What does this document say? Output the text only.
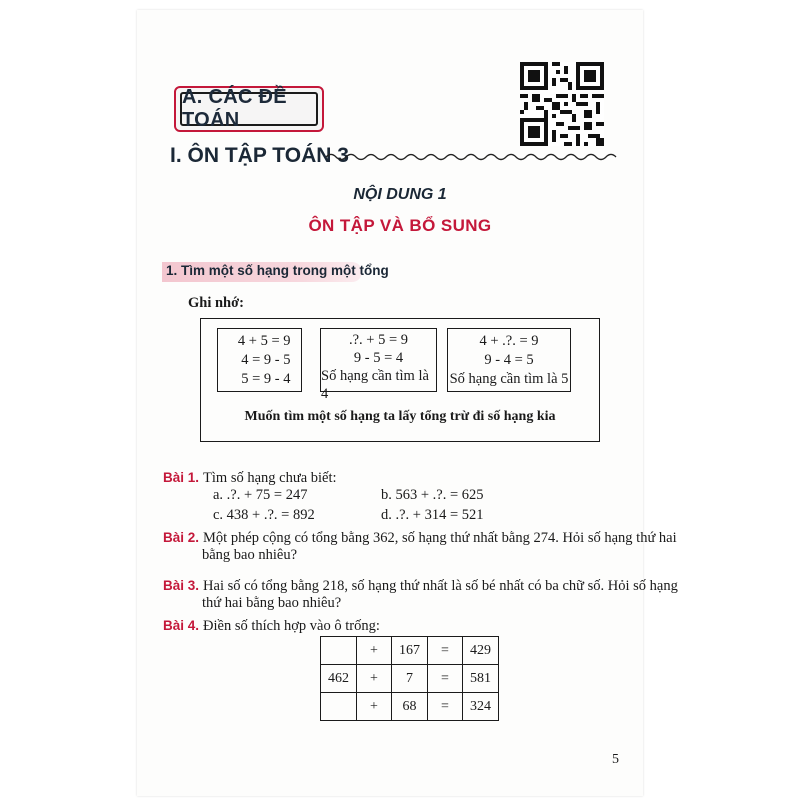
A. CÁC ĐỀ TOÁN
I. ÔN TẬP TOÁN 3
NỘI DUNG 1
ÔN TẬP VÀ BỔ SUNG
1. Tìm một số hạng trong một tổng
Ghi nhớ:
4 + 5 = 9
4 = 9 - 5
5 = 9 - 4
.?. + 5 = 9
9 - 5 = 4
Số hạng cần tìm là 4
4 + .?. = 9
9 - 4 = 5
Số hạng cần tìm là 5
Muốn tìm một số hạng ta lấy tổng trừ đi số hạng kia
Bài 1. Tìm số hạng chưa biết:
a. .?. + 75 = 247	b. 563 + .?. = 625
c. 438 + .?. = 892	d. .?. + 314 = 521
Bài 2. Một phép cộng có tổng bằng 362, số hạng thứ nhất bằng 274. Hỏi số hạng thứ hai
bằng bao nhiêu?
Bài 3. Hai số có tổng bằng 218, số hạng thứ nhất là số bé nhất có ba chữ số. Hỏi số hạng
thứ hai bằng bao nhiêu?
Bài 4. Điền số thích hợp vào ô trống:
	+	167	=	429
462	+	7	=	581
	+	68	=	324
5
